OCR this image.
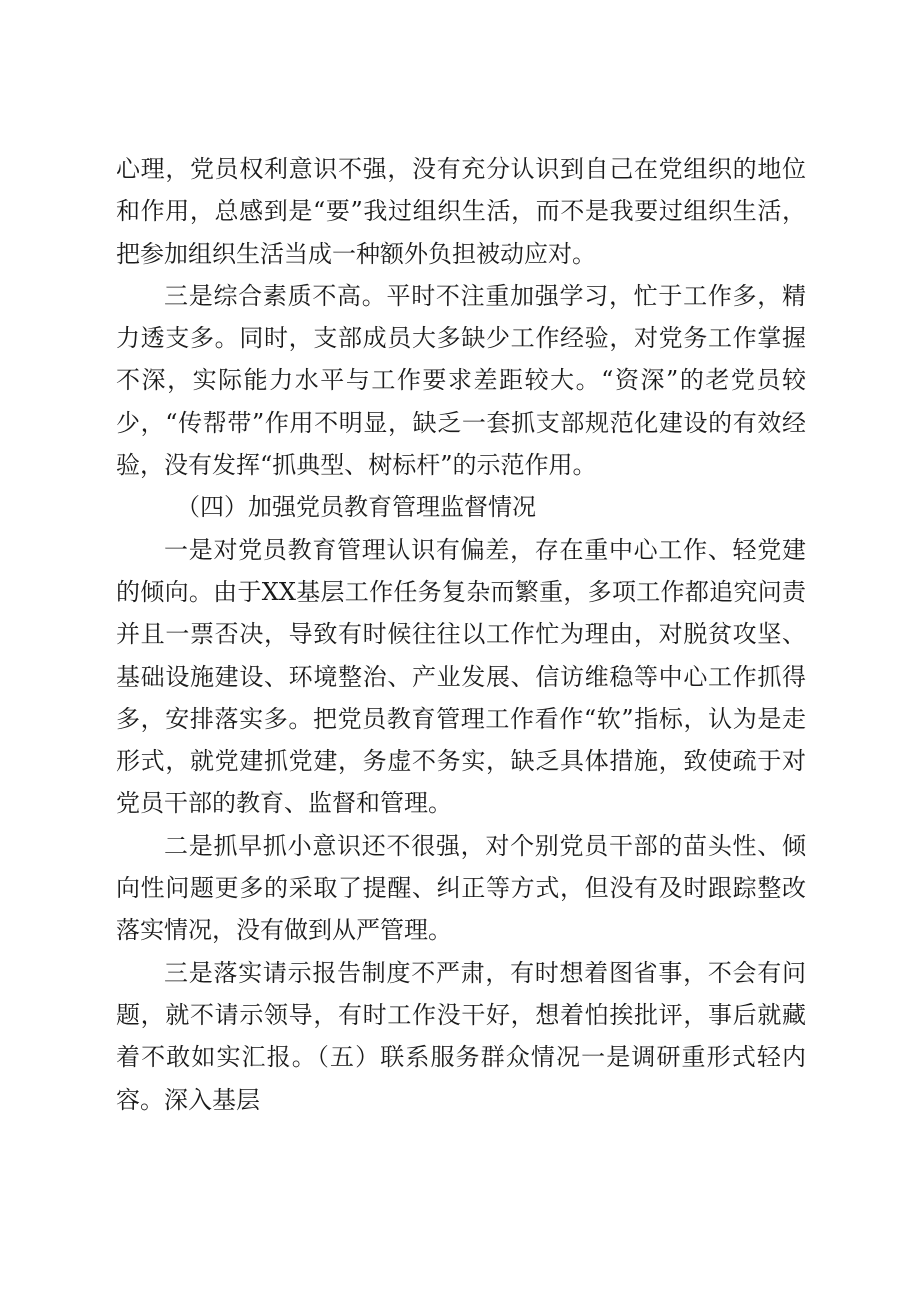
心理，党员权利意识不强，没有充分认识到自己在党组织的地位和作用，总感到是“要”我过组织生活，而不是我要过组织生活，把参加组织生活当成一种额外负担被动应对。

三是综合素质不高。平时不注重加强学习，忙于工作多，精力透支多。同时，支部成员大多缺少工作经验，对党务工作掌握不深，实际能力水平与工作要求差距较大。“资深”的老党员较少，“传帮带”作用不明显，缺乏一套抓支部规范化建设的有效经验，没有发挥“抓典型、树标杆”的示范作用。

（四）加强党员教育管理监督情况

一是对党员教育管理认识有偏差，存在重中心工作、轻党建的倾向。由于XX基层工作任务复杂而繁重，多项工作都追究问责并且一票否决，导致有时候往往以工作忙为理由，对脱贫攻坚、基础设施建设、环境整治、产业发展、信访维稳等中心工作抓得多，安排落实多。把党员教育管理工作看作“软”指标，认为是走形式，就党建抓党建，务虚不务实，缺乏具体措施，致使疏于对党员干部的教育、监督和管理。

二是抓早抓小意识还不很强，对个别党员干部的苗头性、倾向性问题更多的采取了提醒、纠正等方式，但没有及时跟踪整改落实情况，没有做到从严管理。

三是落实请示报告制度不严肃，有时想着图省事，不会有问题，就不请示领导，有时工作没干好，想着怕挨批评，事后就藏着不敢如实汇报。（五）联系服务群众情况一是调研重形式轻内容。深入基层
